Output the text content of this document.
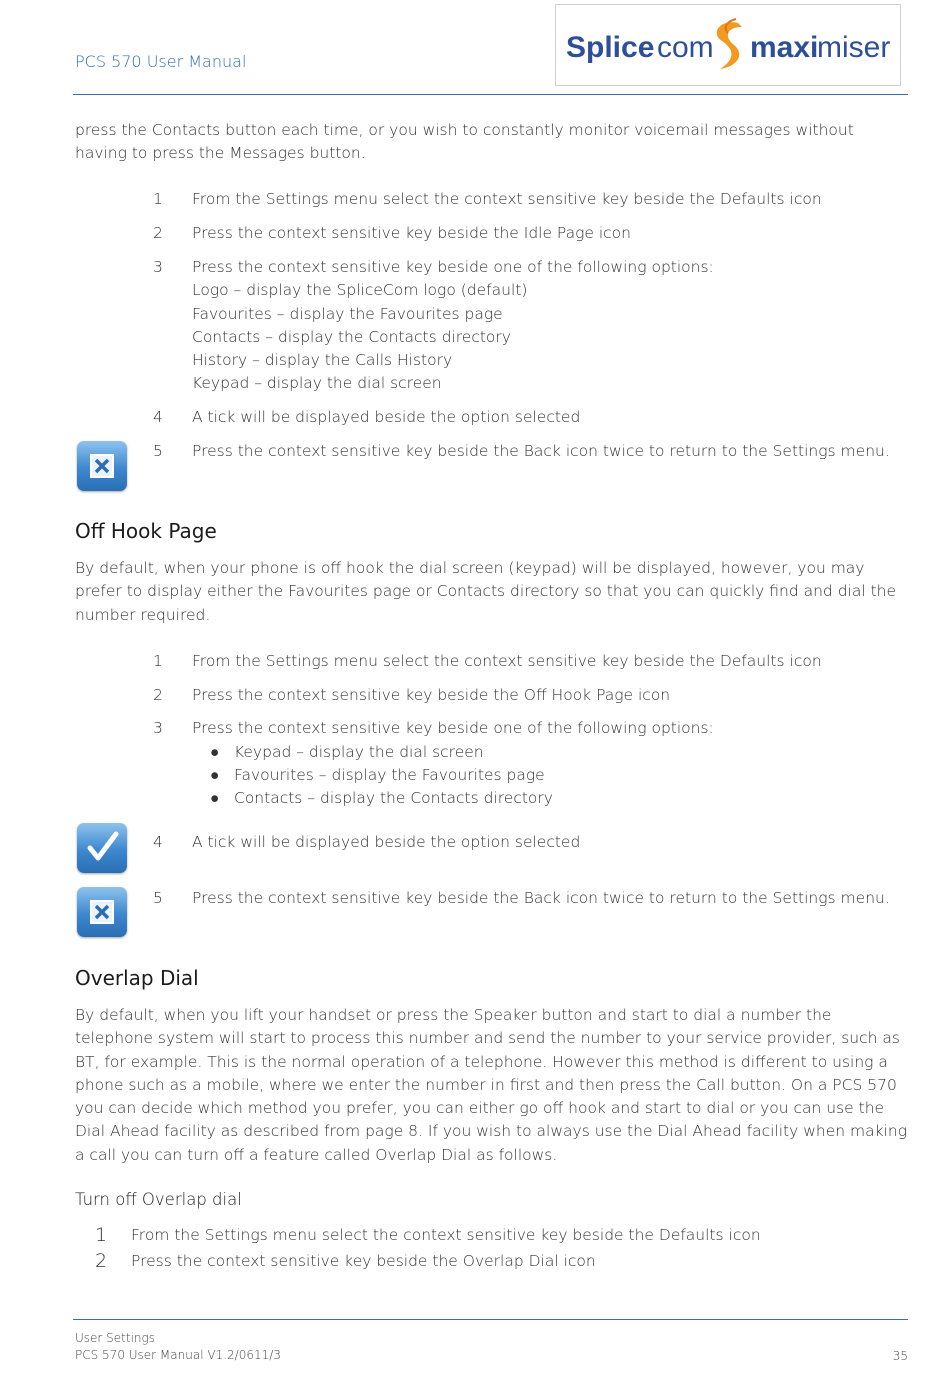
PCS 570 User Manual	Splice com maxi
miser
press the Contacts button each time, or you wish to constantly monitor voicemail messages without having to press the Messages button.
1	From the Settings menu select the context sensitive key beside the Defaults icon
2	Press the context sensitive key beside the Idle Page icon
3	Press the context sensitive key beside one of the following options:
Logo – display the SpliceCom logo (default)
Favourites – display the Favourites page
Contacts – display the Contacts directory
History – display the Calls History
Keypad – display the dial screen
4	A tick will be displayed beside the option selected
5	Press the context sensitive key beside the Back icon twice to return to the Settings menu.
Off Hook Page
By default, when your phone is off hook the dial screen (keypad) will be displayed, however, you may prefer to display either the Favourites page or Contacts directory so that you can quickly find and dial the number required.
1	From the Settings menu select the context sensitive key beside the Defaults icon
2	Press the context sensitive key beside the Off Hook Page icon
3	Press the context sensitive key beside one of the following options:
● Keypad – display the dial screen
● Favourites – display the Favourites page
● Contacts – display the Contacts directory
4	A tick will be displayed beside the option selected
5	Press the context sensitive key beside the Back icon twice to return to the Settings menu.
Overlap Dial
By default, when you lift your handset or press the Speaker button and start to dial a number the telephone system will start to process this number and send the number to your service provider, such as BT, for example. This is the normal operation of a telephone. However this method is different to using a phone such as a mobile, where we enter the number in first and then press the Call button. On a PCS 570 you can decide which method you prefer, you can either go off hook and start to dial or you can use the Dial Ahead facility as described from page 8. If you wish to always use the Dial Ahead facility when making a call you can turn off a feature called Overlap Dial as follows.
Turn off Overlap dial
1 From the Settings menu select the context sensitive key beside the Defaults icon
2 Press the context sensitive key beside the Overlap Dial icon
User Settings
PCS 570 User Manual V1.2/0611/3	35
